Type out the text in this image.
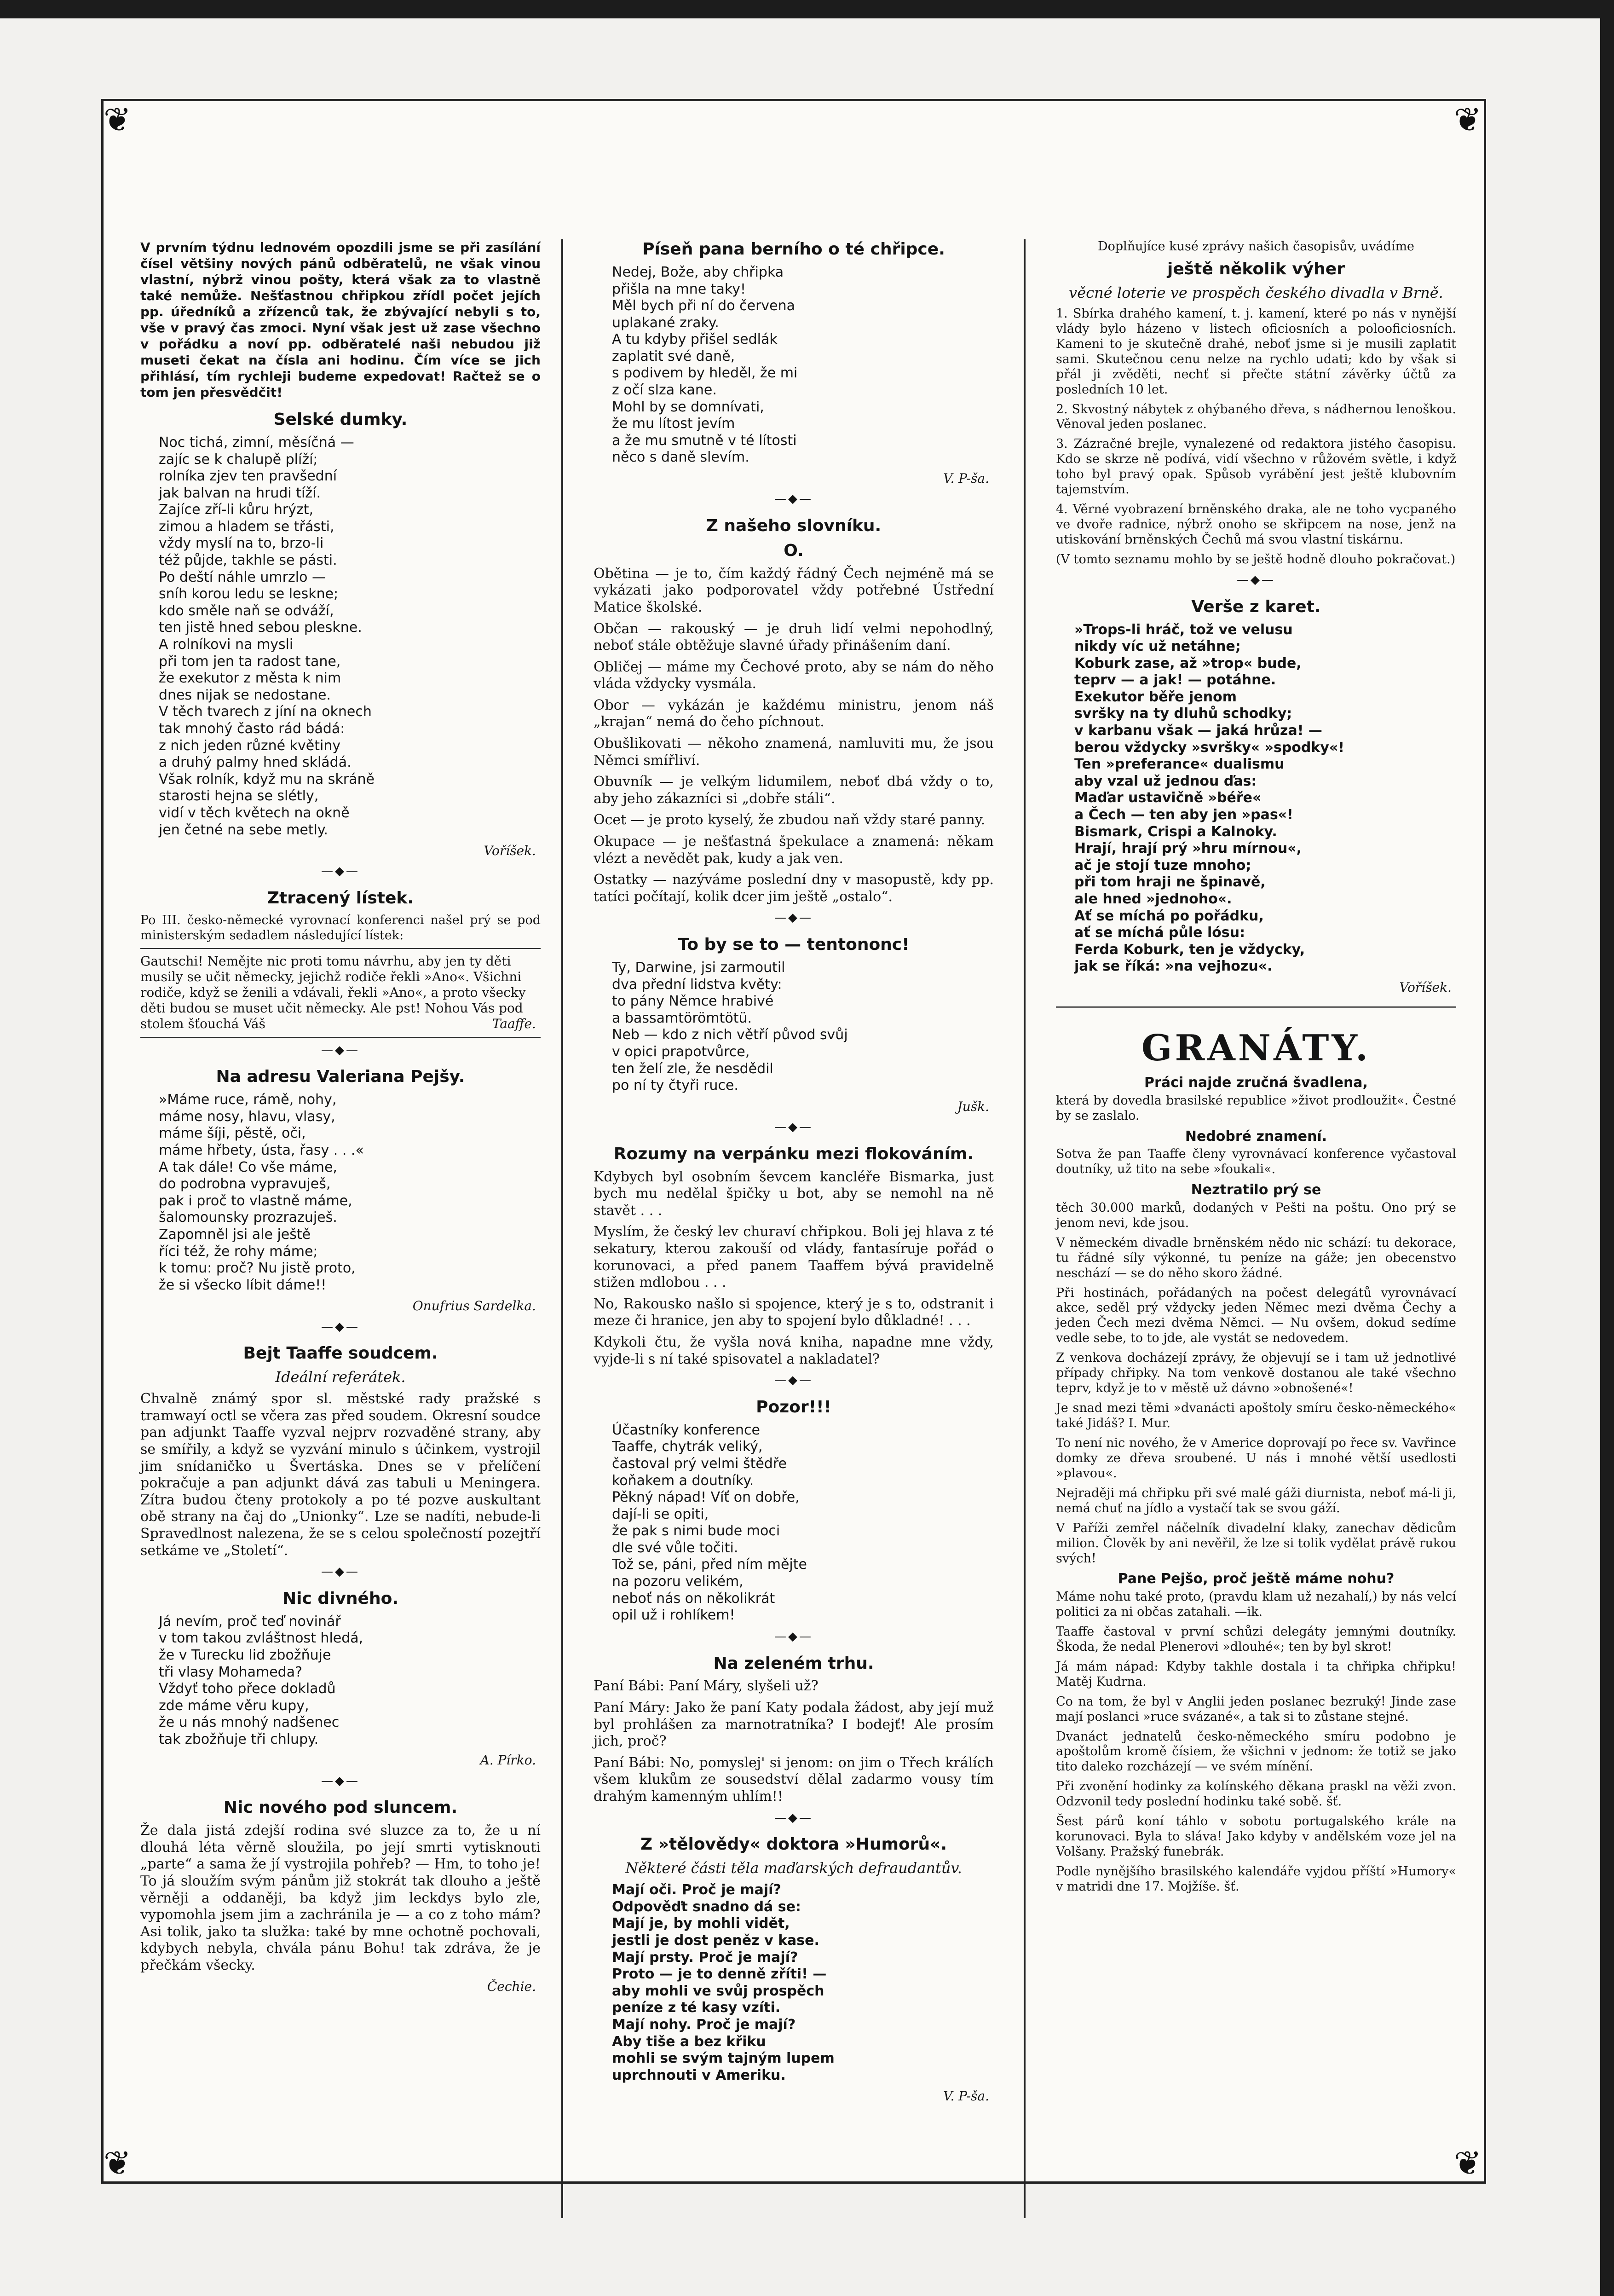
❦	❦
❦	❦

V prvním týdnu lednovém opozdili jsme se při zasílání čísel většiny nových pánů odběratelů, ne však vinou vlastní, nýbrž vinou pošty, která však za to vlastně také nemůže. Nešťastnou chřipkou zřídl počet jejích pp. úředníků a zřízenců tak, že zbývající nebyli s to, vše v pravý čas zmoci. Nyní však jest už zase všechno v pořádku a noví pp. odběratelé naši nebudou již museti čekat na čísla ani hodinu. Čím více se jich přihlásí, tím rychleji budeme expedovat! Račtež se o tom jen přesvědčit!

Selské dumky.
Noc tichá, zimní, měsíčná —
zajíc se k chalupě plíží;
rolníka zjev ten pravšední
jak balvan na hrudi tíží.
Zajíce zří-li kůru hrýzt,
zimou a hladem se třásti,
vždy myslí na to, brzo-li
též půjde, takhle se pásti.
Po deští náhle umrzlo —
sníh korou ledu se leskne;
kdo směle naň se odváží,
ten jistě hned sebou pleskne.
A rolníkovi na mysli
při tom jen ta radost tane,
že exekutor z města k nim
dnes nijak se nedostane.
V těch tvarech z jíní na oknech
tak mnohý často rád bádá:
z nich jeden různé květiny
a druhý palmy hned skládá.
Však rolník, když mu na skráně
starosti hejna se slétly,
vidí v těch květech na okně
jen četné na sebe metly.
Voříšek.
—◆—
Ztracený lístek.

Po III. česko-německé vyrovnací konferenci našel prý se pod ministerským sedadlem následující lístek:

Gautschi! Nemějte nic proti tomu návrhu, aby jen ty děti musily se učit německy, jejichž rodiče řekli »Ano«. Všichni rodiče, když se ženili a vdávali, řekli »Ano«, a proto všecky děti budou se muset učit německy. Ale pst! Nohou Vás pod stolem šťouchá Váš	Taaffe.
—◆—
Na adresu Valeriana Pejšy.
»Máme ruce, rámě, nohy,
máme nosy, hlavu, vlasy,
máme šíji, pěstě, oči,
máme hřbety, ústa, řasy . . .«
A tak dále! Co vše máme,
do podrobna vypravuješ,
pak i proč to vlastně máme,
šalomounsky prozrazuješ.
Zapomněl jsi ale ještě
říci též, že rohy máme;
k tomu: proč? Nu jistě proto,
že si všecko líbit dáme!!
Onufrius Sardelka.
—◆—
Bejt Taaffe soudcem.
Ideální referátek.

Chvalně známý spor sl. městské rady pražské s tramwayí octl se včera zas před soudem. Okresní soudce pan adjunkt Taaffe vyzval nejprv rozvaděné strany, aby se smířily, a když se vyzvání minulo s účinkem, vystrojil jim snídaničko u Švertáska. Dnes se v přelíčení pokračuje a pan adjunkt dává zas tabuli u Meningera. Zítra budou čteny protokoly a po té pozve auskultant obě strany na čaj do „Unionky“. Lze se nadíti, nebude-li Spravedlnost nalezena, že se s celou společností pozejtří setkáme ve „Století“.

—◆—
Nic divného.
Já nevím, proč teď novinář
v tom takou zvláštnost hledá,
že v Turecku lid zbožňuje
tři vlasy Mohameda?
Vždyť toho přece dokladů
zde máme věru kupy,
že u nás mnohý nadšenec
tak zbožňuje tři chlupy.
A. Pírko.
—◆—
Nic nového pod sluncem.

Že dala jistá zdejší rodina své sluzce za to, že u ní dlouhá léta věrně sloužila, po její smrti vytisknouti „parte“ a sama že jí vystrojila pohřeb? — Hm, to toho je! To já sloužím svým pánům již stokrát tak dlouho a ještě věrněji a oddaněji, ba když jim leckdys bylo zle, vypomohla jsem jim a zachránila je — a co z toho mám? Asi tolik, jako ta služka: také by mne ochotně pochovali, kdybych nebyla, chvála pánu Bohu! tak zdráva, že je přečkám všecky.

Čechie.
Píseň pana berního o té chřipce.
Nedej, Bože, aby chřipka
přišla na mne taky!
Měl bych při ní do červena
uplakané zraky.
A tu kdyby přišel sedlák
zaplatit své daně,
s podivem by hleděl, že mi
z očí slza kane.
Mohl by se domnívati,
že mu lítost jevím
a že mu smutně v té lítosti
něco s daně slevím.
V. P-ša.
—◆—
Z našeho slovníku.
O.

Obětina — je to, čím každý řádný Čech nejméně má se vykázati jako podporovatel vždy potřebné Ústřední Matice školské.

Občan — rakouský — je druh lidí velmi nepohodlný, neboť stále obtěžuje slavné úřady přinášením daní.

Obličej — máme my Čechové proto, aby se nám do něho vláda vždycky vysmála.

Obor — vykázán je každému ministru, jenom náš „krajan“ nemá do čeho píchnout.

Obušlikovati — někoho znamená, namluviti mu, že jsou Němci smířliví.

Obuvník — je velkým lidumilem, neboť dbá vždy o to, aby jeho zákazníci si „dobře stáli“.

Ocet — je proto kyselý, že zbudou naň vždy staré panny.

Okupace — je nešťastná špekulace a znamená: někam vlézt a nevědět pak, kudy a jak ven.

Ostatky — nazýváme poslední dny v masopustě, kdy pp. tatíci počítají, kolik dcer jim ještě „ostalo“.

—◆—
To by se to — tentononc!
Ty, Darwine, jsi zarmoutil
dva přední lidstva květy:
to pány Němce hrabivé
a bassamtörömtötü.
Neb — kdo z nich větří původ svůj
v opici prapotvůrce,
ten želí zle, že nesdědil
po ní ty čtyři ruce.
Jušk.
—◆—
Rozumy na verpánku mezi flokováním.

Kdybych byl osobním ševcem kancléře Bismarka, just bych mu nedělal špičky u bot, aby se nemohl na ně stavět . . .

Myslím, že český lev churaví chřipkou. Boli jej hlava z té sekatury, kterou zakouší od vlády, fantasíruje pořád o korunovaci, a před panem Taaffem bývá pravidelně stižen mdlobou . . .

No, Rakousko našlo si spojence, který je s to, odstranit i meze či hranice, jen aby to spojení bylo důkladné! . . .

Kdykoli čtu, že vyšla nová kniha, napadne mne vždy, vyjde-li s ní také spisovatel a nakladatel?

—◆—
Pozor!!!
Účastníky konference
Taaffe, chytrák veliký,
častoval prý velmi štědře
koňakem a doutníky.
Pěkný nápad! Víť on dobře,
dají-li se opiti,
že pak s nimi bude moci
dle své vůle točiti.
Tož se, páni, před ním mějte
na pozoru velikém,
neboť nás on několikrát
opil už i rohlíkem!
—◆—
Na zeleném trhu.

Paní Bábi: Paní Máry, slyšeli už?

Paní Máry: Jako že paní Katy podala žádost, aby její muž byl prohlášen za marnotratníka? I bodejť! Ale prosím jich, proč?

Paní Bábi: No, pomyslej' si jenom: on jim o Třech králích všem klukům ze sousedství dělal zadarmo vousy tím drahým kamenným uhlím!!

—◆—
Z »tělovědy« doktora »Humorů«.
Některé části těla maďarských defraudantův.
Mají oči. Proč je mají?
Odpověďt snadno dá se:
Mají je, by mohli vidět,
jestli je dost peněz v kase.
Mají prsty. Proč je mají?
Proto — je to denně zříti! —
aby mohli ve svůj prospěch
peníze z té kasy vzíti.
Mají nohy. Proč je mají?
Aby tiše a bez křiku
mohli se svým tajným lupem
uprchnouti v Ameriku.
V. P-ša.

Doplňujíce kusé zprávy našich časopisův, uvádíme

ještě několik výher
věcné loterie ve prospěch českého divadla v Brně.

1. Sbírka drahého kamení, t. j. kamení, které po nás v nynější vlády bylo házeno v listech oficiosních a polooficiosních. Kameni to je skutečně drahé, neboť jsme si je musili zaplatit sami. Skutečnou cenu nelze na rychlo udati; kdo by však si přál ji zvěděti, nechť si přečte státní závěrky účtů za posledních 10 let.

2. Skvostný nábytek z ohýbaného dřeva, s nádhernou lenoškou. Věnoval jeden poslanec.

3. Zázračné brejle, vynalezené od redaktora jistého časopisu. Kdo se skrze ně podívá, vidí všechno v růžovém světle, i když toho byl pravý opak. Spůsob vyrábění jest ještě klubovním tajemstvím.

4. Věrné vyobrazení brněnského draka, ale ne toho vycpaného ve dvoře radnice, nýbrž onoho se skřipcem na nose, jenž na utiskování brněnských Čechů má svou vlastní tiskárnu.

(V tomto seznamu mohlo by se ještě hodně dlouho pokračovat.)

—◆—
Verše z karet.
»Trops-li hráč, tož ve velusu
nikdy víc už netáhne;
Koburk zase, až »trop« bude,
teprv — a jak! — potáhne.
Exekutor běře jenom
svršky na ty dluhů schodky;
v karbanu však — jaká hrůza! —
berou vždycky »svršky« »spodky«!
Ten »preferance« dualismu
aby vzal už jednou ďas:
Maďar ustavičně »béře«
a Čech — ten aby jen »pas«!
Bismark, Crispi a Kalnoky.
Hrají, hrají prý »hru mírnou«,
ač je stojí tuze mnoho;
při tom hraji ne špinavě,
ale hned »jednoho«.
Ať se míchá po pořádku,
ať se míchá půle lósu:
Ferda Koburk, ten je vždycky,
jak se říká: »na vejhozu«.
Voříšek.
GRANÁTY.
Práci najde zručná švadlena,

která by dovedla brasilské republice »život prodloužit«. Čestné by se zaslalo.

Nedobré znamení.

Sotva že pan Taaffe členy vyrovnávací konference vyčastoval doutníky, už tito na sebe »foukali«.

Neztratilo prý se

těch 30.000 marků, dodaných v Pešti na poštu. Ono prý se jenom nevi, kde jsou.

V německém divadle brněnském nědo nic schází: tu dekorace, tu řádné síly výkonné, tu peníze na gáže; jen obecenstvo neschází — se do něho skoro žádné.

Při hostinách, pořádaných na počest delegátů vyrovnávací akce, seděl prý vždycky jeden Němec mezi dvěma Čechy a jeden Čech mezi dvěma Němci. — Nu ovšem, dokud sedíme vedle sebe, to to jde, ale vystát se nedovedem.

Z venkova docházejí zprávy, že objevují se i tam už jednotlivé případy chřipky. Na tom venkově dostanou ale také všechno teprv, když je to v městě už dávno »obnošené«!

Je snad mezi těmi »dvanácti apoštoly smíru česko-německého« také Jidáš? I. Mur.

To není nic nového, že v Americe doprovají po řece sv. Vavřince domky ze dřeva sroubené. U nás i mnohé větší usedlosti »plavou«.

Nejraději má chřipku při své malé gáži diurnista, neboť má-li ji, nemá chuť na jídlo a vystačí tak se svou gáží.

V Paříži zemřel náčelník divadelní klaky, zanechav dědicům milion. Člověk by ani nevěřil, že lze si tolik vydělat právě rukou svých!

Pane Pejšo, proč ještě máme nohu?

Máme nohu také proto, (pravdu klam už nezahalí,) by nás velcí politici za ni občas zatahali. —ik.

Taaffe častoval v první schůzi delegáty jemnými doutníky. Škoda, že nedal Plenerovi »dlouhé«; ten by byl skrot!

Já mám nápad: Kdyby takhle dostala i ta chřipka chřipku! Matěj Kudrna.

Co na tom, že byl v Anglii jeden poslanec bezruký! Jinde zase mají poslanci »ruce svázané«, a tak si to zůstane stejné.

Dvanáct jednatelů česko-německého smíru podobno je apoštolům kromě čísiem, že všichni v jednom: že totiž se jako tito daleko rozcházejí — ve svém mínění.

Při zvonění hodinky za kolínského děkana praskl na věži zvon. Odzvonil tedy poslední hodinku také sobě. šť.

Šest párů koní táhlo v sobotu portugalského krále na korunovaci. Byla to sláva! Jako kdyby v andělském voze jel na Volšany. Pražský funebrák.

Podle nynějšího brasilského kalendáře vyjdou příští »Humory« v matridi dne 17. Mojžíše. šť.
